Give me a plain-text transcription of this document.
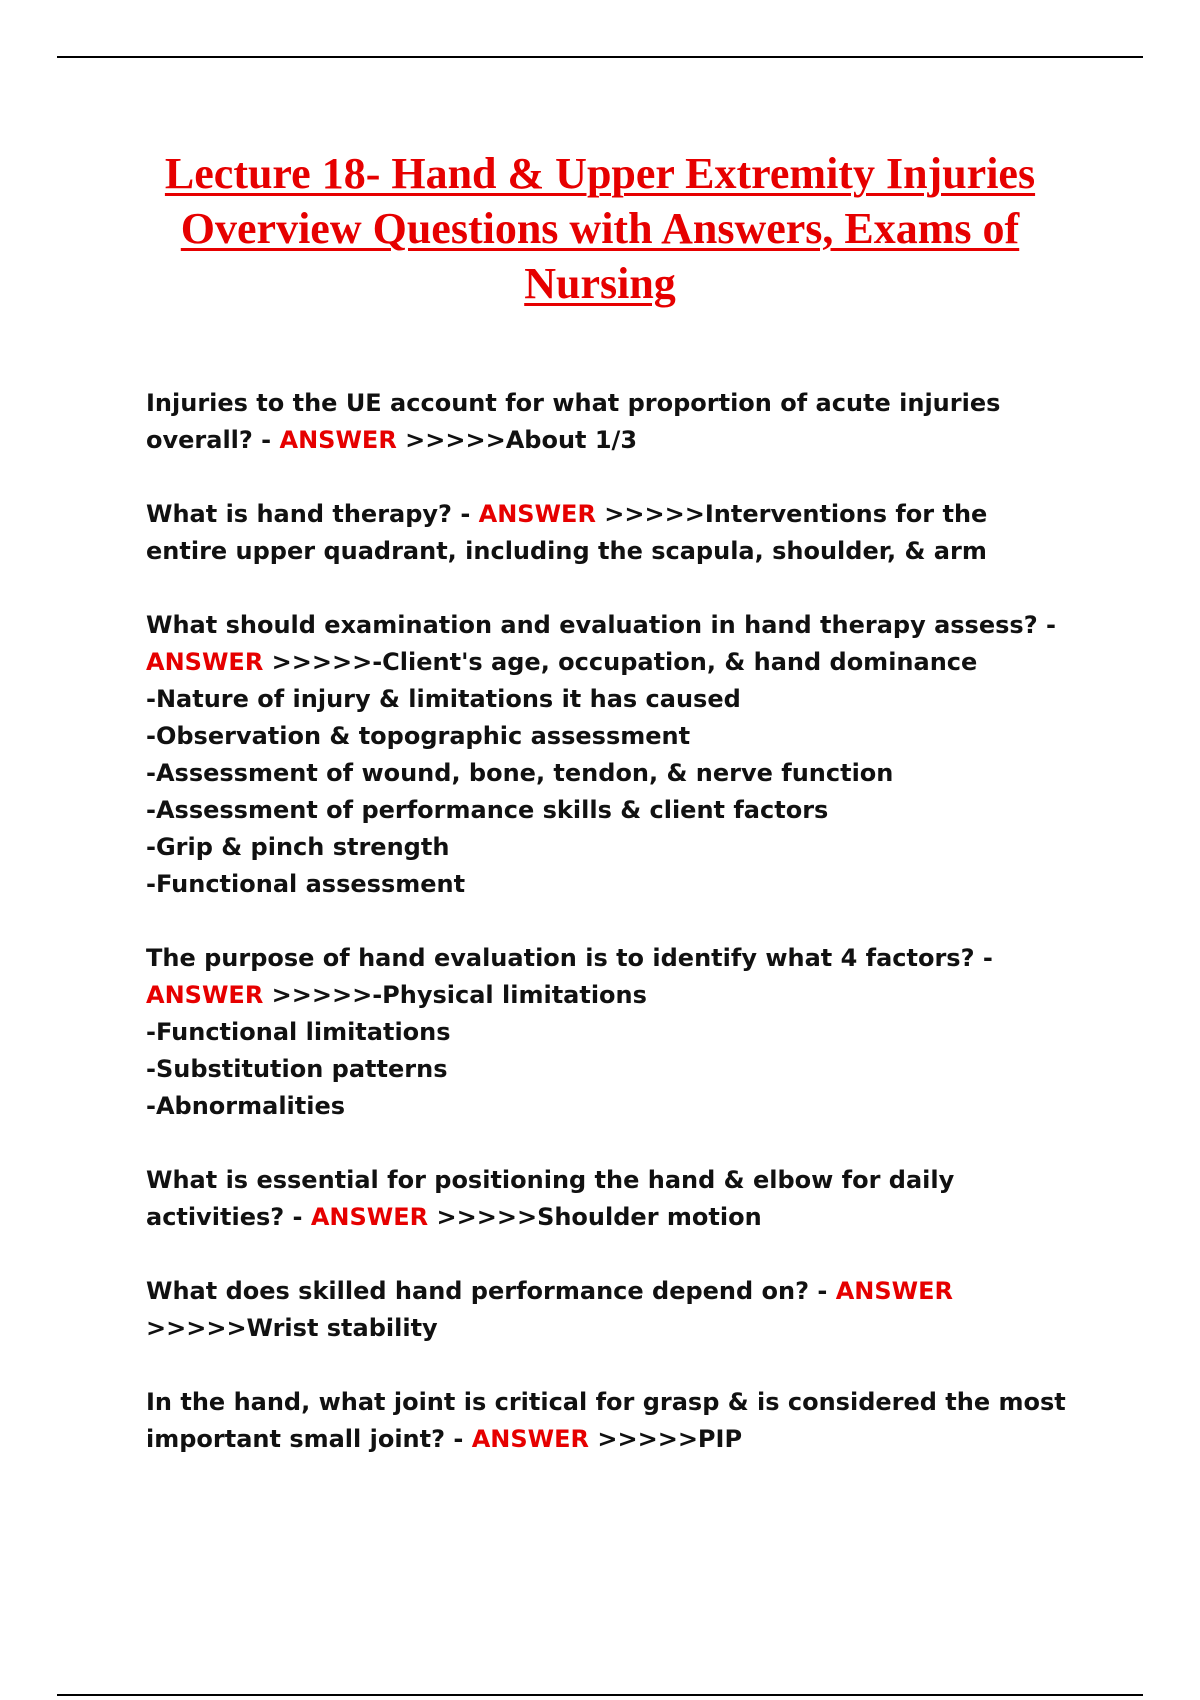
Lecture 18- Hand & Upper Extremity Injuries Overview Questions with Answers, Exams of Nursing

Injuries to the UE account for what proportion of acute injuries overall? - ANSWER >>>>>About 1/3

What is hand therapy? - ANSWER >>>>>Interventions for the entire upper quadrant, including the scapula, shoulder, & arm

What should examination and evaluation in hand therapy assess? - ANSWER >>>>>-Client's age, occupation, & hand dominance
-Nature of injury & limitations it has caused
-Observation & topographic assessment
-Assessment of wound, bone, tendon, & nerve function
-Assessment of performance skills & client factors
-Grip & pinch strength
-Functional assessment

The purpose of hand evaluation is to identify what 4 factors? - ANSWER >>>>>-Physical limitations
-Functional limitations
-Substitution patterns
-Abnormalities

What is essential for positioning the hand & elbow for daily activities? - ANSWER >>>>>Shoulder motion

What does skilled hand performance depend on? - ANSWER >>>>>Wrist stability

In the hand, what joint is critical for grasp & is considered the most important small joint? - ANSWER >>>>>PIP
